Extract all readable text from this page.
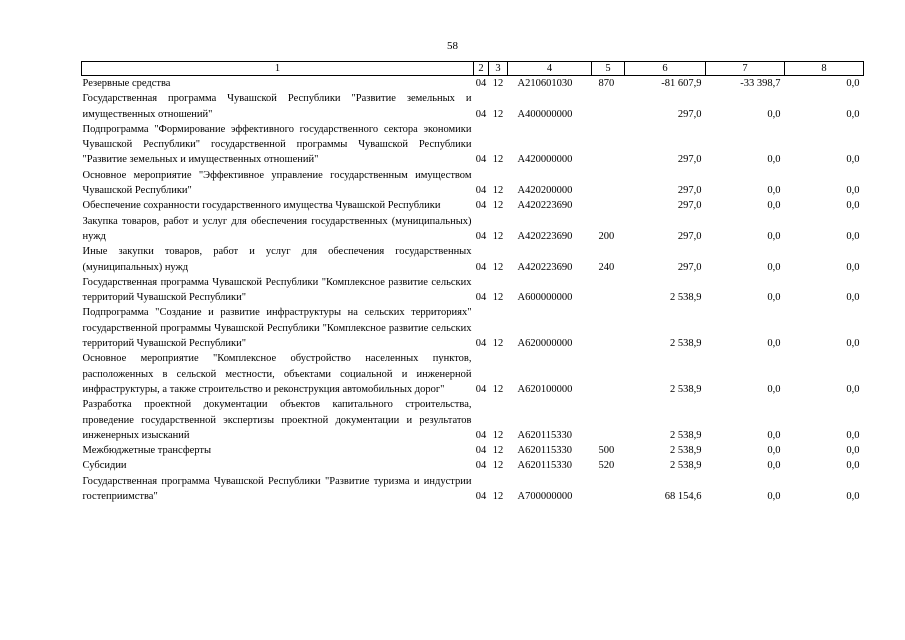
58
1	2	3	4	5	6	7	8
Резервные средства	04	12	А210601030	870	-81 607,9	-33 398,7	0,0
Государственная программа Чувашской Республики "Развитие земельных и имущественных отношений"	04	12	А400000000		297,0	0,0	0,0
Подпрограмма "Формирование эффективного государственного сектора экономики Чувашской Республики" государственной программы Чувашской Республики "Развитие земельных и имущественных отношений"	04	12	А420000000		297,0	0,0	0,0
Основное мероприятие "Эффективное управление государственным имуществом Чувашской Республики"	04	12	А420200000		297,0	0,0	0,0
Обеспечение сохранности государственного имущества Чувашской Республики	04	12	А420223690		297,0	0,0	0,0
Закупка товаров, работ и услуг для обеспечения государственных (муниципальных) нужд	04	12	А420223690	200	297,0	0,0	0,0
Иные закупки товаров, работ и услуг для обеспечения государственных (муниципальных) нужд	04	12	А420223690	240	297,0	0,0	0,0
Государственная программа Чувашской Республики "Комплексное развитие сельских территорий Чувашской Республики"	04	12	А600000000		2 538,9	0,0	0,0
Подпрограмма "Создание и развитие инфраструктуры на сельских территориях" государственной программы Чувашской Республики "Комплексное развитие сельских территорий Чувашской Республики"	04	12	А620000000		2 538,9	0,0	0,0
Основное мероприятие "Комплексное обустройство населенных пунктов, расположенных в сельской местности, объектами социальной и инженерной инфраструктуры, а также строительство и реконструкция автомобильных дорог"	04	12	А620100000		2 538,9	0,0	0,0
Разработка проектной документации объектов капитального строительства, проведение государственной экспертизы проектной документации и результатов инженерных изысканий	04	12	А620115330		2 538,9	0,0	0,0
Межбюджетные трансферты	04	12	А620115330	500	2 538,9	0,0	0,0
Субсидии	04	12	А620115330	520	2 538,9	0,0	0,0
Государственная программа Чувашской Республики "Развитие туризма и индустрии гостеприимства"	04	12	А700000000		68 154,6	0,0	0,0
